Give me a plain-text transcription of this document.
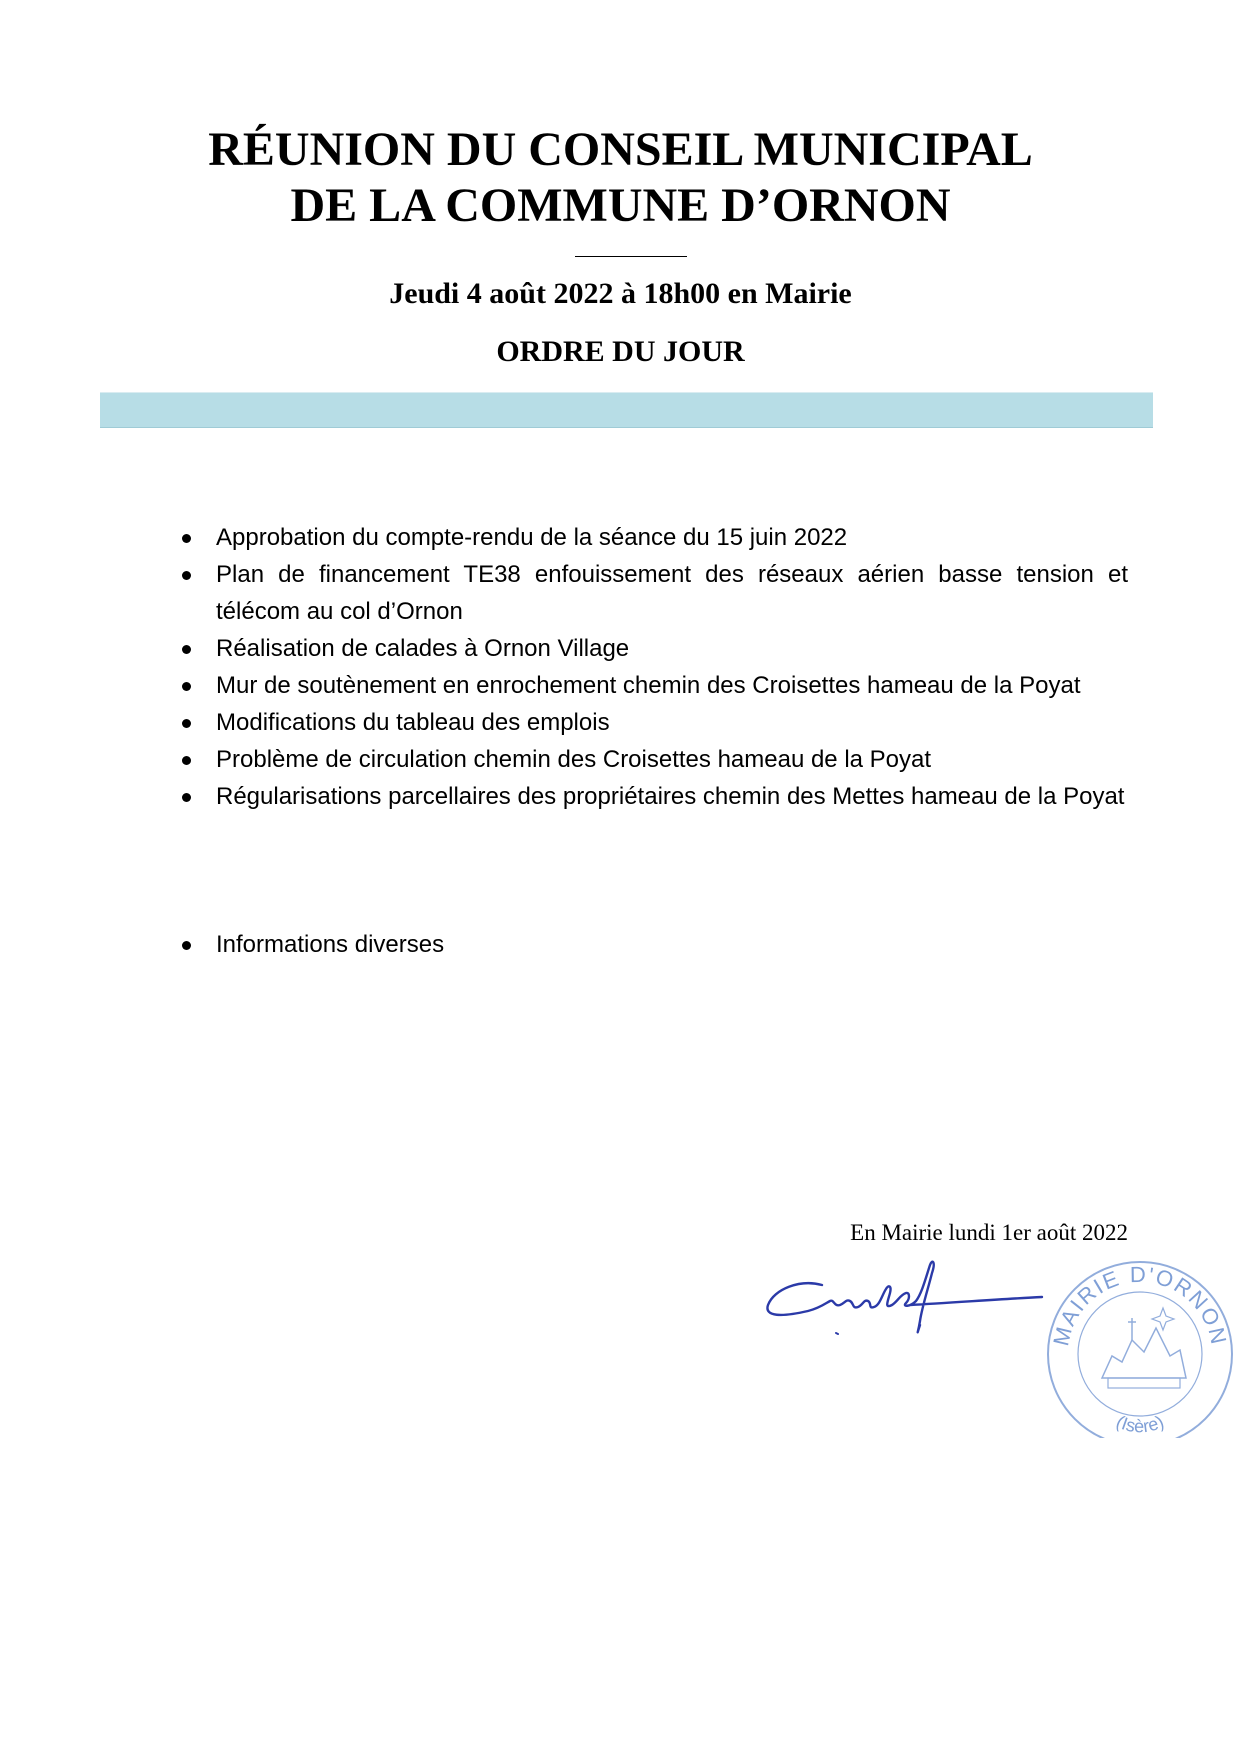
RÉUNION DU CONSEIL MUNICIPAL
DE LA COMMUNE D’ORNON
Jeudi 4 août 2022 à 18h00 en Mairie
ORDRE DU JOUR
Approbation du compte-rendu de la séance du 15 juin 2022
Plan de financement TE38 enfouissement des réseaux aérien basse tension et télécom au col d’Ornon
Réalisation de calades à Ornon Village
Mur de soutènement en enrochement chemin des Croisettes hameau de la Poyat
Modifications du tableau des emplois
Problème de circulation chemin des Croisettes hameau de la Poyat
Régularisations parcellaires des propriétaires chemin des Mettes hameau de la Poyat
Informations diverses
En Mairie lundi 1er août 2022
MAIRIE D'ORNON
(Isère)
